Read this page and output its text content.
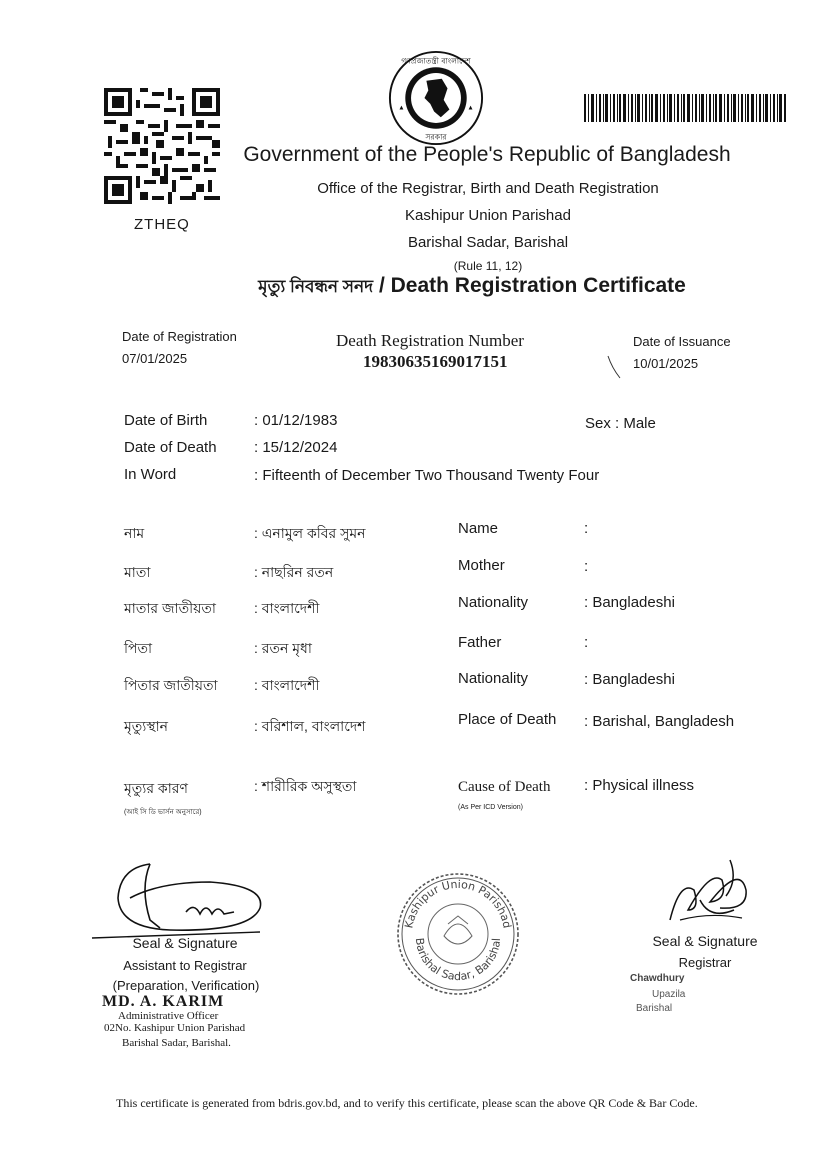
ZTHEQ
গণপ্রজাতন্ত্রী বাংলাদেশ
সরকার
Government of the People's Republic of Bangladesh
Office of the Registrar, Birth and Death Registration
Kashipur Union Parishad
Barishal Sadar, Barishal
(Rule 11, 12)
মৃত্যু নিবন্ধন সনদ / Death Registration Certificate
Date of Registration
07/01/2025
Death Registration Number
19830635169017151
Date of Issuance
10/01/2025
Date of Birth	: 01/12/1983	Sex : Male
Date of Death : 15/12/2024
In Word	: Fifteenth of December Two Thousand Twenty Four
নাম	: এনামুল কবির সুমন	Name	:
মাতা	: নাছরিন রতন	Mother	:
মাতার জাতীয়তা	: বাংলাদেশী	Nationality	: Bangladeshi
পিতা	: রতন মৃধা	Father	:
পিতার জাতীয়তা	: বাংলাদেশী	Nationality	: Bangladeshi
মৃত্যুস্থান	: বরিশাল, বাংলাদেশ	Place of Death : Barishal, Bangladesh
মৃত্যুর কারণ	: শারীরিক অসুস্থতা	Cause of Death : Physical illness
(আই সি ডি ভার্সন অনুসারে)
(As Per ICD Version)
Seal & Signature
Assistant to Registrar
(Preparation, Verification)
MD. A. KARIM
Administrative Officer
02No. Kashipur Union Parishad
Barishal Sadar, Barishal.
Kashipur Union Parishad
Barishal Sadar, Barishal	Seal & Signature
Registrar
Chawdhury
Upazila
Barishal
This certificate is generated from bdris.gov.bd, and to verify this certificate, please scan the above QR Code & Bar Code.
